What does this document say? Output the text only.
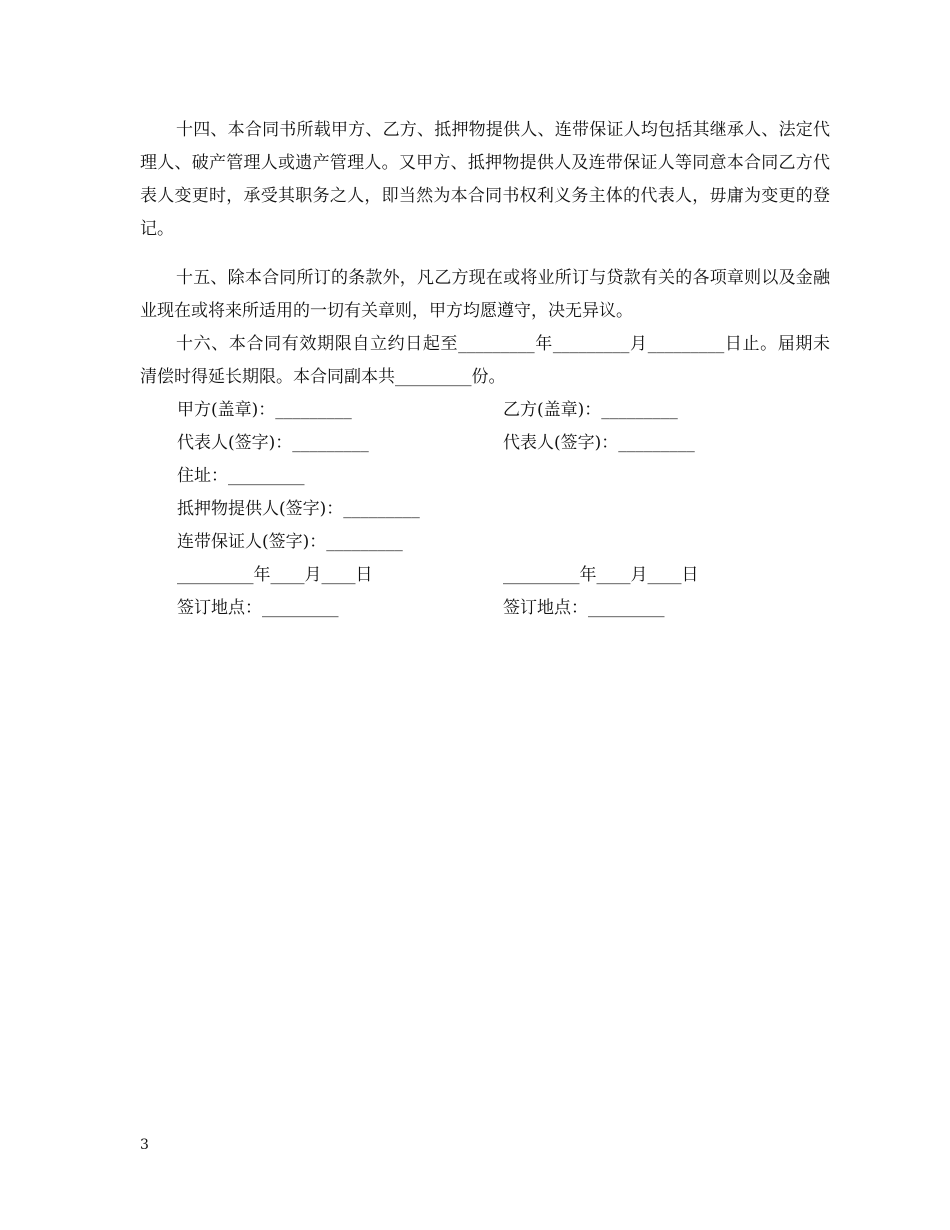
十四、本合同书所载甲方、乙方、抵押物提供人、连带保证人均包括其继承人、法定代理人、破产管理人或遗产管理人。又甲方、抵押物提供人及连带保证人等同意本合同乙方代表人变更时，承受其职务之人，即当然为本合同书权利义务主体的代表人，毋庸为变更的登记。

十五、除本合同所订的条款外，凡乙方现在或将业所订与贷款有关的各项章则以及金融业现在或将来所适用的一切有关章则，甲方均愿遵守，决无异议。

十六、本合同有效期限自立约日起至_________年_________月_________日止。届期未清偿时得延长期限。本合同副本共_________份。

甲方(盖章)：_________	乙方(盖章)：_________
代表人(签字)：_________	代表人(签字)：_________
住址：_________
抵押物提供人(签字)：_________
连带保证人(签字)：_________
_________年____月____日	_________年____月____日
签订地点：_________	签订地点：_________
3
